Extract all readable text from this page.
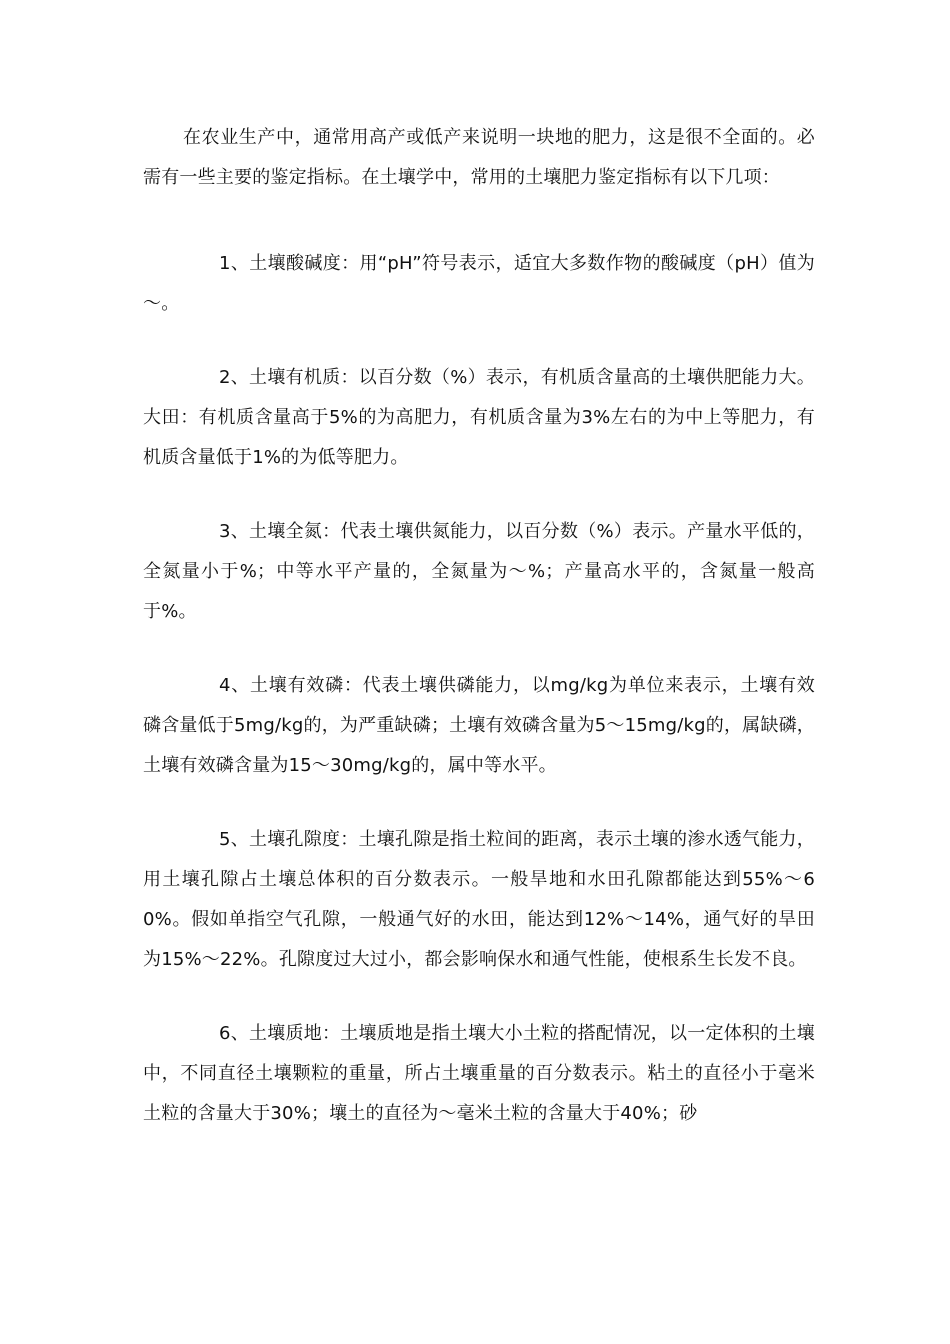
在农业生产中，通常用高产或低产来说明一块地的肥力，这是很不全面的。必需有一些主要的鉴定指标。在土壤学中，常用的土壤肥力鉴定指标有以下几项：

1、土壤酸碱度：用“pH”符号表示，适宜大多数作物的酸碱度（pH）值为～。

2、土壤有机质：以百分数（%）表示，有机质含量高的土壤供肥能力大。大田：有机质含量高于5%的为高肥力，有机质含量为3%左右的为中上等肥力，有机质含量低于1%的为低等肥力。

3、土壤全氮：代表土壤供氮能力，以百分数（%）表示。产量水平低的，全氮量小于%；中等水平产量的，全氮量为～%；产量高水平的，含氮量一般高于%。

4、土壤有效磷：代表土壤供磷能力，以mg/kg为单位来表示，土壤有效磷含量低于5mg/kg的，为严重缺磷；土壤有效磷含量为5～15mg/kg的，属缺磷，土壤有效磷含量为15～30mg/kg的，属中等水平。

5、土壤孔隙度：土壤孔隙是指土粒间的距离，表示土壤的渗水透气能力，用土壤孔隙占土壤总体积的百分数表示。一般旱地和水田孔隙都能达到55%～60%。假如单指空气孔隙，一般通气好的水田，能达到12%～14%，通气好的旱田为15%～22%。孔隙度过大过小，都会影响保水和通气性能，使根系生长发不良。

6、土壤质地：土壤质地是指土壤大小土粒的搭配情况，以一定体积的土壤中，不同直径土壤颗粒的重量，所占土壤重量的百分数表示。粘土的直径小于毫米土粒的含量大于30%；壤土的直径为～毫米土粒的含量大于40%；砂
